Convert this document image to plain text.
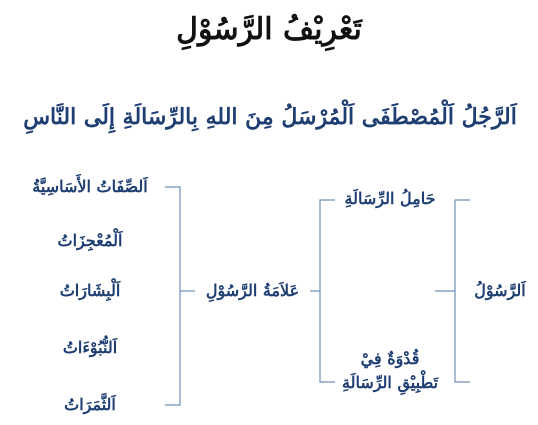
تَعْرِيْفُ الرَّسُوْلِ
اَلرَّجُلُ اَلْمُصْطَفَى اَلْمُرْسَلُ مِنَ اللهِ بِالرِّسَالَةِ إِلَى النَّاسِ
اَلرَّسُوْلُ
حَامِلُ الرِّسَالَةِ
قُدْوَةٌ فِيْ
تَطْبِيْقِ الرِّسَالَةِ
عَلاَمَةُ الرَّسُوْلِ
اَلصِّفَاتُ الأَسَاسِيَّةُ
اَلْمُعْجِزَاتُ
اَلْبِشَارَاتُ
اَلنُّبُوْءَاتُ
اَلثَّمَرَاتُ
